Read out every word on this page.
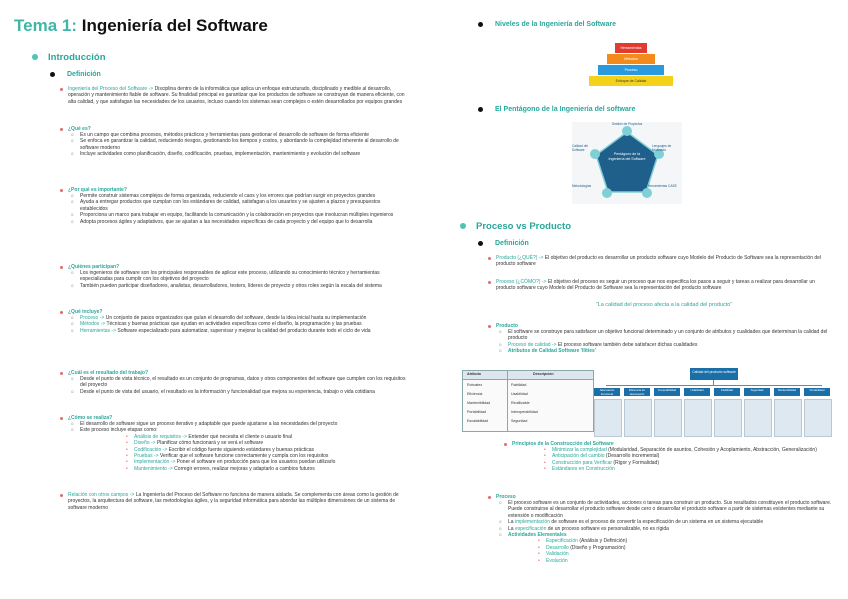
Tema 1: Ingeniería del Software
Introducción
Definición
Ingeniería del Proceso del Software -> Disciplina dentro de la informática que aplica un enfoque estructurado, disciplinado y medible al desarrollo, operación y mantenimiento fiable de software. Su finalidad principal es garantizar que los productos de software se construyan de manera eficiente, con alta calidad, y que satisfagan las necesidades de los usuarios, incluso cuando los sistemas sean complejos o estén desarrollados por equipos grandes
¿Qué es?
o Es un campo que combina procesos, métodos prácticos y herramientas para gestionar el desarrollo de software de forma eficiente
o Se enfoca en garantizar la calidad, reduciendo riesgos, gestionando los tiempos y costos, y abordando la complejidad inherente al desarrollo de software moderno
o Incluye actividades como planificación, diseño, codificación, pruebas, implementación, mantenimiento y evolución del software
¿Por qué es importante?
o Permite construir sistemas complejos de forma organizada, reduciendo el caos y los errores que podrían surgir en proyectos grandes
o Ayuda a entregar productos que cumplan con los estándares de calidad, satisfagan a los usuarios y se ajusten a plazos y presupuestos establecidos
o Proporciona un marco para trabajar en equipo, facilitando la comunicación y la colaboración en proyectos que involucran múltiples ingenieros
o Adopta procesos ágiles y adaptativos, que se ajustan a las necesidades específicas de cada proyecto y del equipo que lo desarrolla
¿Quiénes participan?
o Los ingenieros de software son los principales responsables de aplicar este proceso, utilizando su conocimiento técnico y herramientas especializadas para cumplir con los objetivos del proyecto
o También pueden participar diseñadores, analistas, desarrolladores, testers, líderes de proyecto y otros roles según la escala del sistema
¿Qué incluye?
o Proceso -> Un conjunto de pasos organizados que guían el desarrollo del software, desde la idea inicial hasta su implementación
o Métodos -> Técnicas y buenas prácticas que ayudan en actividades específicas como el diseño, la programación y las pruebas
o Herramientas -> Software especializado para automatizar, supervisar y mejorar la calidad del producto durante todo el ciclo de vida
¿Cuál es el resultado del trabajo?
o Desde el punto de vista técnico, el resultado es un conjunto de programas, datos y otros componentes del software que cumplen con los requisitos del proyecto
o Desde el punto de vista del usuario, el resultado es la información y funcionalidad que mejora su experiencia, trabajo o vida cotidiana
¿Cómo se realiza?
o El desarrollo de software sigue un proceso iterativo y adaptable que puede ajustarse a las necesidades del proyecto
o Este proceso incluye etapas como:
• Análisis de requisitos -> Entender qué necesita el cliente o usuario final
• Diseño -> Planificar cómo funcionará y se verá el software
• Codificación -> Escribir el código fuente siguiendo estándares y buenas prácticas
• Pruebas -> Verificar que el software funcione correctamente y cumpla con los requisitos
• Implementación -> Poner el software en producción para que los usuarios puedan utilizarlo
• Mantenimiento -> Corregir errores, realizar mejoras y adaptarlo a cambios futuros
Relación con otros campos -> La Ingeniería del Proceso del Software no funciona de manera aislada. Se complementa con áreas como la gestión de proyectos, la arquitectura del software, las metodologías ágiles, y la seguridad informática para abordar las múltiples dimensiones de un sistema de software moderno
Niveles de la Ingeniería del Software
Herramientas
Métodos
Proceso
Enfoque de Calidad
El Pentágono de la Ingeniería del software
Pentágono de la Ingeniería del Software
Gestión de Proyectos
Lenguajes de Modelado
Herramientas CASE
Metodologías
Calidad del Software
Proceso vs Producto
Definición
Producto (¿QUÉ?) -> El objetivo del producto es desarrollar un producto software cuyo Modelo del Producto de Software sea la representación del producto software
Proceso (¿CÓMO?) -> El objetivo del proceso es seguir un proceso que nos especifica los pasos a seguir y tareas a realizar para desarrollar un producto software cuyo Modelo del Producto de Software sea la representación del producto software
"La calidad del proceso afecta a la calidad del producto"
Producto
o El software se construye para satisfacer un objetivo funcional determinado y un conjunto de atributos y cualidades que determinan la calidad del producto
o Proceso de calidad -> El proceso software también debe satisfacer dichas cualidades
o Atributos de Calidad Software 'Ilities'
Atributo	Descripción
Robustez	Fiabilidad
Eficiencia	Usabilidad
Mantenibilidad	Reutilizable
Portabilidad	Interoperabilidad
Escalabilidad	Seguridad
Calidad del producto software
Adecuación Funcional
Eficiencia de desempeño
Compatibilidad	Usabilidad	Fiabilidad	Seguridad	Mantenibilidad	Portabilidad
Principios de la Construcción del Software
• Minimizar la complejidad (Modularidad, Separación de asuntos, Cohesión y Acoplamiento, Abstracción, Generalización)
• Anticipación del cambio (Desarrollo incremental)
• Construcción para Verificar (Rigor y Formalidad)
• Estándares en Construcción
Proceso
o El proceso software es un conjunto de actividades, acciones o tareas para construir un producto. Sus resultados constituyen el producto software. Puede construirse al desarrollar el producto software desde cero o desarrollar el producto software a partir de sistemas existentes mediante su extensión o modificación
o La implementación de software es el proceso de convertir la especificación de un sistema en un sistema ejecutable
o La especificación de un proceso software es personalizable, no es rígida
o Actividades Elementales
• Especificación (Análisis y Definición)
• Desarrollo (Diseño y Programación)
• Validación
• Evolución
